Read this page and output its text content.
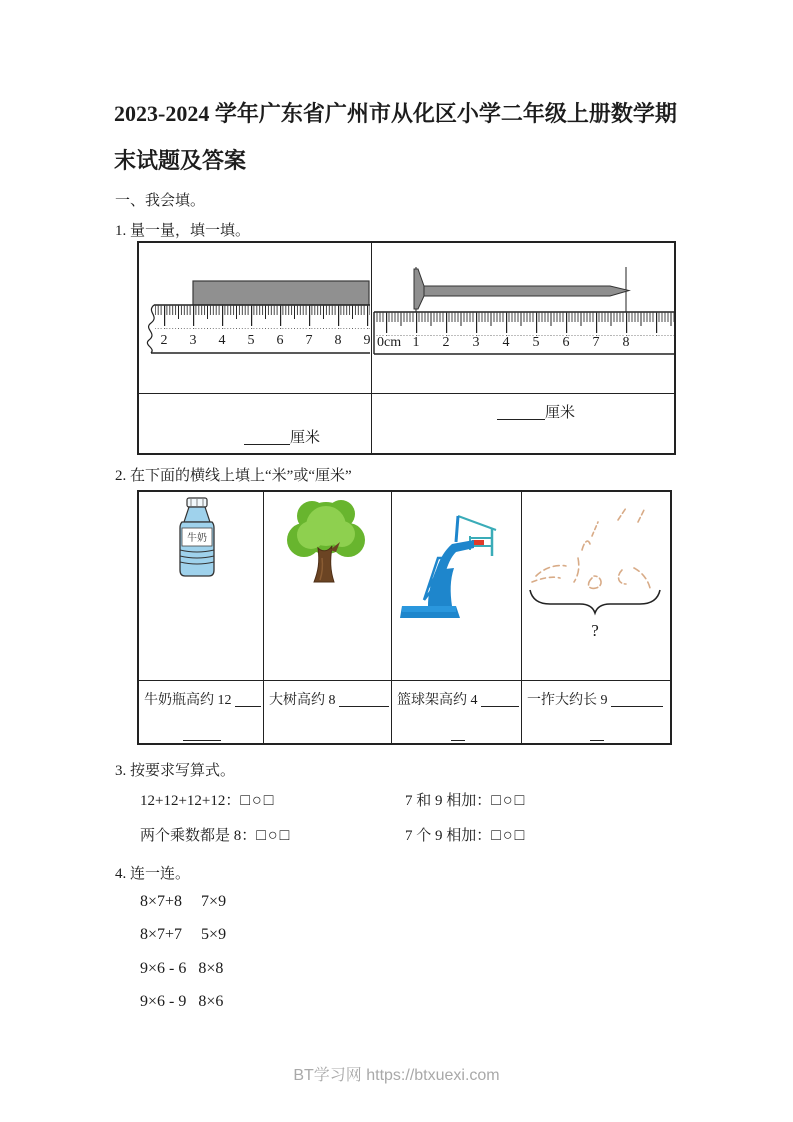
2023-2024 学年广东省广州市从化区小学二年级上册数学期
末试题及答案
一、我会填。
1. 量一量，填一填。
2 3 4 5 6 7 8 9 0cm 1 2 3 4 5 6 7 8
厘米
厘米
2. 在下面的横线上填上“米”或“厘米”
牛奶
?
牛奶瓶高约 12	大树高约 8	篮球架高约 4	一拃大约长 9
3. 按要求写算式。
12+12+12+12：□○□	7 和 9 相加：□○□
两个乘数都是 8：□○□	7 个 9 相加：□○□
4. 连一连。
8×7+8 7×9
8×7+7 5×9
9×6 - 6 8×8
9×6 - 9 8×6
BT学习网 https://btxuexi.com
